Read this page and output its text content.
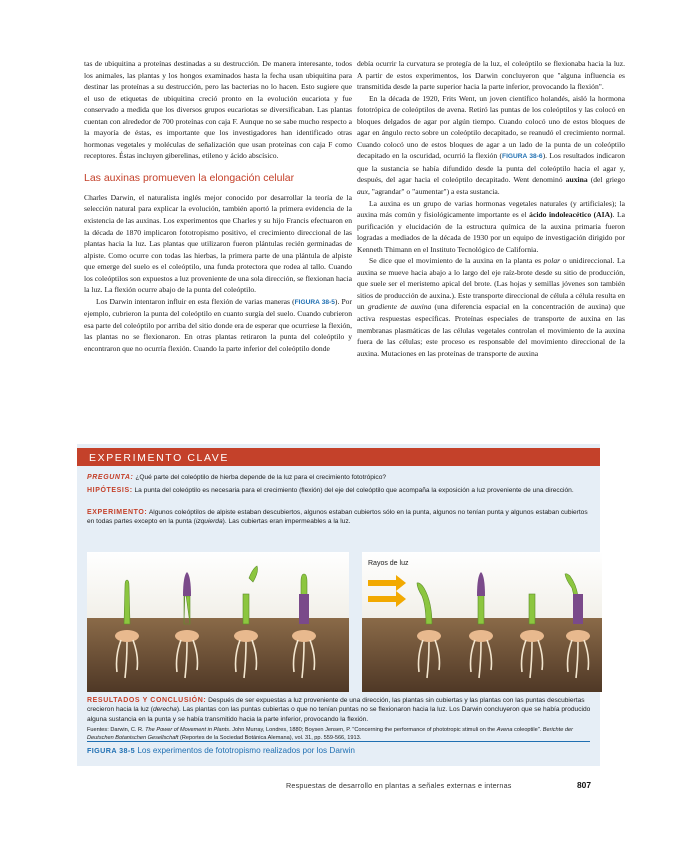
tas de ubiquitina a proteínas destinadas a su destrucción. De manera interesante, todos los animales, las plantas y los hongos examinados hasta la fecha usan ubiquitina para destinar las proteínas a su destrucción, pero las bacterias no lo hacen. Esto sugiere que el uso de etiquetas de ubiquitina creció pronto en la evolución eucariota y fue conservado a medida que los diversos grupos eucariotas se diversificaban. Las plantas cuentan con alrededor de 700 proteínas con caja F. Aunque no se sabe mucho respecto a la mayoría de éstas, es importante que los investigadores han identificado otras hormonas vegetales y moléculas de señalización que usan proteínas con caja F como receptores. Éstas incluyen giberelinas, etileno y ácido abscísico.

Las auxinas promueven la elongación celular

Charles Darwin, el naturalista inglés mejor conocido por desarrollar la teoría de la selección natural para explicar la evolución, también aportó la primera evidencia de la existencia de las auxinas. Los experimentos que Charles y su hijo Francis efectuaron en la década de 1870 implicaron fototropismo positivo, el crecimiento direccional de las plantas hacia la luz. Las plantas que utilizaron fueron plántulas recién germinadas de alpiste. Como ocurre con todas las hierbas, la primera parte de una plántula de alpiste que emerge del suelo es el coleóptilo, una funda protectora que rodea al tallo. Cuando los coleóptilos son expuestos a luz proveniente de una sola dirección, se flexionan hacia la luz. La flexión ocurre abajo de la punta del coleóptilo.

Los Darwin intentaron influir en esta flexión de varias maneras (FIGURA 38-5). Por ejemplo, cubrieron la punta del coleóptilo en cuanto surgía del suelo. Cuando cubrieron esa parte del coleóptilo por arriba del sitio donde era de esperar que ocurriese la flexión, las plantas no se flexionaron. En otras plantas retiraron la punta del coleóptilo y encontraron que no ocurría flexión. Cuando la parte inferior del coleóptilo donde

debía ocurrir la curvatura se protegía de la luz, el coleóptilo se flexionaba hacia la luz. A partir de estos experimentos, los Darwin concluyeron que "alguna influencia es transmitida desde la parte superior hacia la parte inferior, provocando la flexión".

En la década de 1920, Frits Went, un joven científico holandés, aisló la hormona fototrópica de coleóptilos de avena. Retiró las puntas de los coleóptilos y las colocó en bloques delgados de agar por algún tiempo. Cuando colocó uno de estos bloques de agar en ángulo recto sobre un coleóptilo decapitado, se reanudó el crecimiento normal. Cuando colocó uno de estos bloques de agar a un lado de la punta de un coleóptilo decapitado en la oscuridad, ocurrió la flexión (FIGURA 38-6). Los resultados indicaron que la sustancia se había difundido desde la punta del coleóptilo hacia el agar y, después, del agar hacia el coleóptilo decapitado. Went denominó auxina (del griego aux, "agrandar" o "aumentar") a esta sustancia.

La auxina es un grupo de varias hormonas vegetales naturales (y artificiales); la auxina más común y fisiológicamente importante es el ácido indoleacético (AIA). La purificación y elucidación de la estructura química de la auxina primaria fueron logradas a mediados de la década de 1930 por un equipo de investigación dirigido por Kenneth Thimann en el Instituto Tecnológico de California.

Se dice que el movimiento de la auxina en la planta es polar o unidireccional. La auxina se mueve hacia abajo a lo largo del eje raíz-brote desde su sitio de producción, que suele ser el meristemo apical del brote. (Las hojas y semillas jóvenes son también sitios de producción de auxina.). Este transporte direccional de célula a célula resulta en un gradiente de auxina (una diferencia espacial en la concentración de auxina) que activa respuestas específicas. Proteínas especiales de transporte de auxina en las membranas plasmáticas de las células vegetales controlan el movimiento de la auxina fuera de las células; este proceso es responsable del movimiento direccional de la auxina. Mutaciones en las proteínas de transporte de auxina

EXPERIMENTO CLAVE
PREGUNTA: ¿Qué parte del coleóptilo de hierba depende de la luz para el crecimiento fototrópico?
HIPÓTESIS: La punta del coleóptilo es necesaria para el crecimiento (flexión) del eje del coleóptilo que acompaña la exposición a luz proveniente de una dirección.
EXPERIMENTO: Algunos coleóptilos de alpiste estaban descubiertos, algunos estaban cubiertos sólo en la punta, algunos no tenían punta y algunos estaban cubiertos en todas partes excepto en la punta (izquierda). Las cubiertas eran impermeables a la luz.
Rayos de luz
RESULTADOS Y CONCLUSIÓN: Después de ser expuestas a luz proveniente de una dirección, las plantas sin cubiertas y las plantas con las puntas descubiertas crecieron hacia la luz (derecha). Las plantas con las puntas cubiertas o que no tenían puntas no se flexionaron hacia la luz. Los Darwin concluyeron que se había producido alguna sustancia en la punta y se había transmitido hacia la parte inferior, provocando la flexión.
Fuentes: Darwin, C. R. The Power of Movement in Plants. John Murray, Londres, 1880; Boysen Jensen, P. "Concerning the performance of phototropic stimuli on the Avena coleoptile". Berichte der Deutschen Botanischen Gesellschaft (Reportes de la Sociedad Botánica Alemana), vol. 31, pp. 559-566, 1913.
FIGURA 38-5 Los experimentos de fototropismo realizados por los Darwin
Respuestas de desarrollo en plantas a señales externas e internas	807
